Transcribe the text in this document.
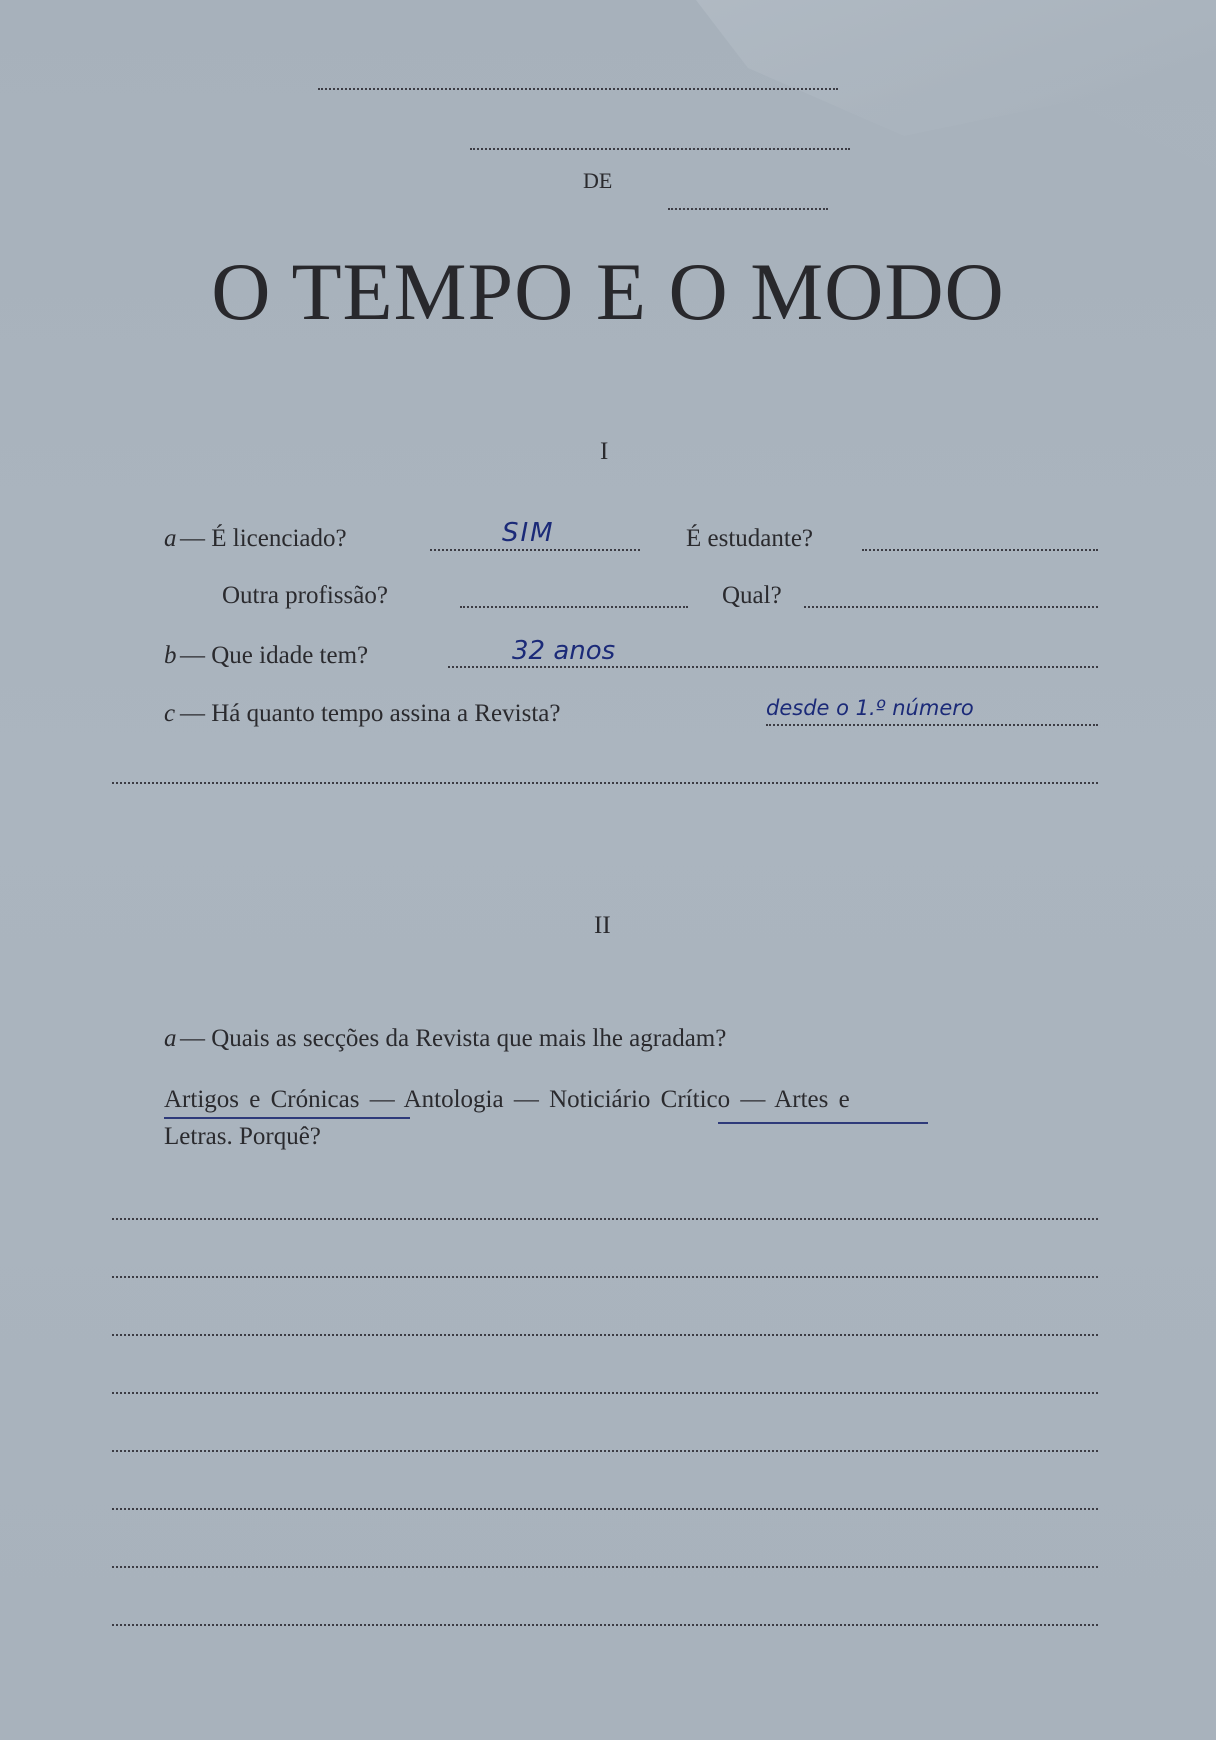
DE
O TEMPO E O MODO
I
a — É licenciado?	SIM	É estudante?
Outra profissão?	Qual?
b — Que idade tem?	32 anos
c — Há quanto tempo assina a Revista?	desde o 1.º número
II
a — Quais as secções da Revista que mais lhe agradam?
Artigos e Crónicas — Antologia — Noticiário Crítico — Artes e
Letras. Porquê?
